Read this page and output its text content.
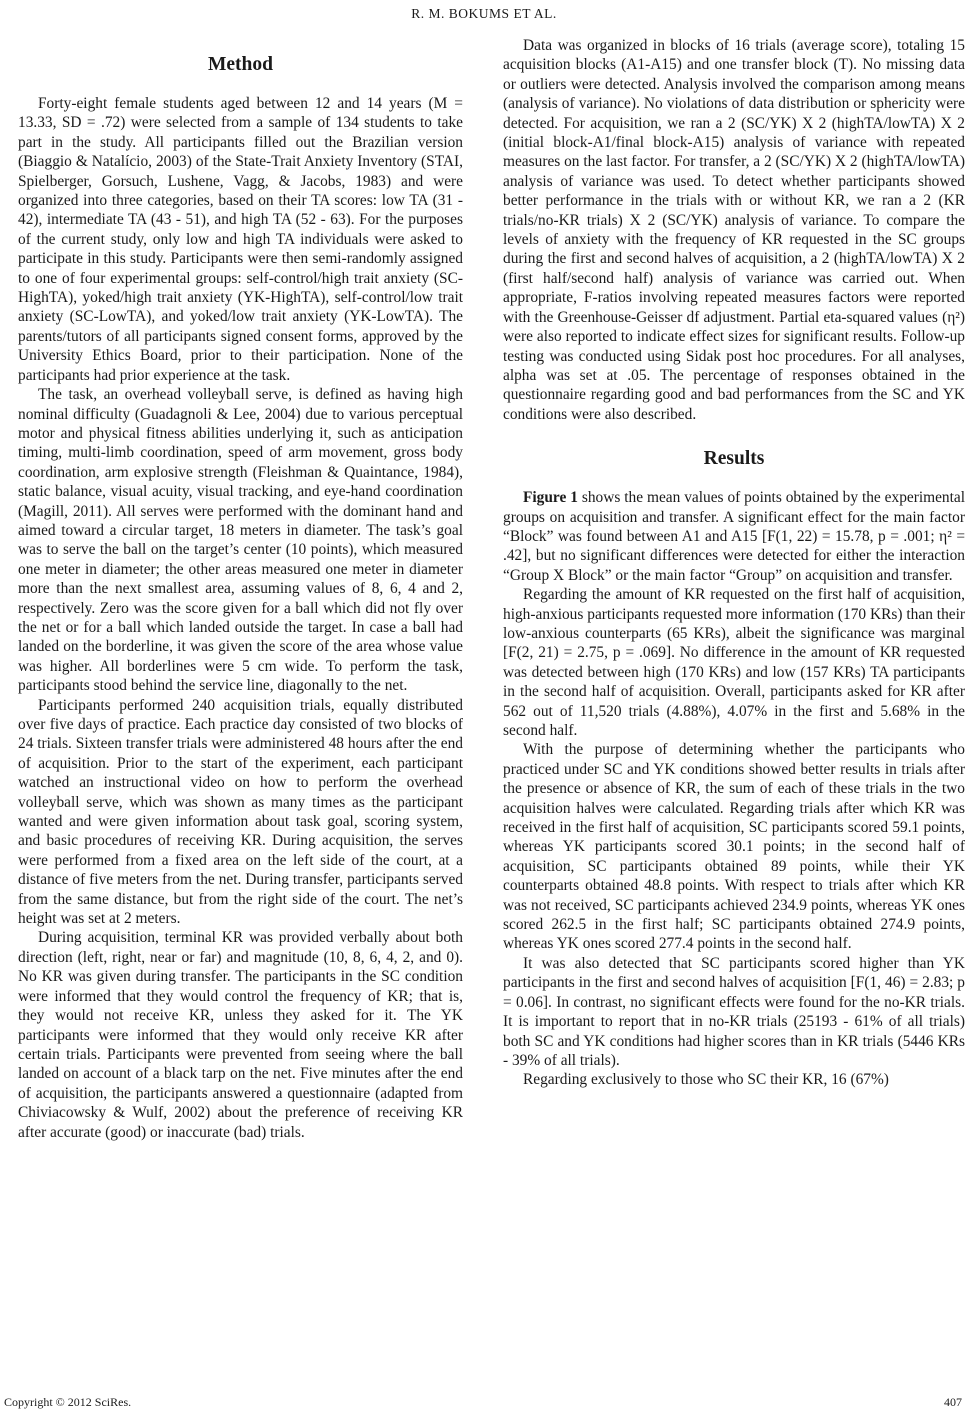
R. M. BOKUMS ET AL.
Method

Forty-eight female students aged between 12 and 14 years (M = 13.33, SD = .72) were selected from a sample of 134 students to take part in the study. All participants filled out the Brazilian version (Biaggio & Natalício, 2003) of the State-Trait Anxiety Inventory (STAI, Spielberger, Gorsuch, Lushene, Vagg, & Jacobs, 1983) and were organized into three categories, based on their TA scores: low TA (31 - 42), intermediate TA (43 - 51), and high TA (52 - 63). For the purposes of the current study, only low and high TA individuals were asked to participate in this study. Participants were then semi-randomly assigned to one of four experimental groups: self-control/high trait anxiety (SC-HighTA), yoked/high trait anxiety (YK-HighTA), self-control/low trait anxiety (SC-LowTA), and yoked/low trait anxiety (YK-LowTA). The parents/tutors of all participants signed consent forms, approved by the University Ethics Board, prior to their participation. None of the participants had prior experience at the task.

The task, an overhead volleyball serve, is defined as having high nominal difficulty (Guadagnoli & Lee, 2004) due to various perceptual motor and physical fitness abilities underlying it, such as anticipation timing, multi-limb coordination, speed of arm movement, gross body coordination, arm explosive strength (Fleishman & Quaintance, 1984), static balance, visual acuity, visual tracking, and eye-hand coordination (Magill, 2011). All serves were performed with the dominant hand and aimed toward a circular target, 18 meters in diameter. The task’s goal was to serve the ball on the target’s center (10 points), which measured one meter in diameter; the other areas measured one meter in diameter more than the next smallest area, assuming values of 8, 6, 4 and 2, respectively. Zero was the score given for a ball which did not fly over the net or for a ball which landed outside the target. In case a ball had landed on the borderline, it was given the score of the area whose value was higher. All borderlines were 5 cm wide. To perform the task, participants stood behind the service line, diagonally to the net.

Participants performed 240 acquisition trials, equally distributed over five days of practice. Each practice day consisted of two blocks of 24 trials. Sixteen transfer trials were administered 48 hours after the end of acquisition. Prior to the start of the experiment, each participant watched an instructional video on how to perform the overhead volleyball serve, which was shown as many times as the participant wanted and were given information about task goal, scoring system, and basic procedures of receiving KR. During acquisition, the serves were performed from a fixed area on the left side of the court, at a distance of five meters from the net. During transfer, participants served from the same distance, but from the right side of the court. The net’s height was set at 2 meters.

During acquisition, terminal KR was provided verbally about both direction (left, right, near or far) and magnitude (10, 8, 6, 4, 2, and 0). No KR was given during transfer. The participants in the SC condition were informed that they would control the frequency of KR; that is, they would not receive KR, unless they asked for it. The YK participants were informed that they would only receive KR after certain trials. Participants were prevented from seeing where the ball landed on account of a black tarp on the net. Five minutes after the end of acquisition, the participants answered a questionnaire (adapted from Chiviacowsky & Wulf, 2002) about the preference of receiving KR after accurate (good) or inaccurate (bad) trials.

Data was organized in blocks of 16 trials (average score), totaling 15 acquisition blocks (A1-A15) and one transfer block (T). No missing data or outliers were detected. Analysis involved the comparison among means (analysis of variance). No violations of data distribution or sphericity were detected. For acquisition, we ran a 2 (SC/YK) X 2 (highTA/lowTA) X 2 (initial block-A1/final block-A15) analysis of variance with repeated measures on the last factor. For transfer, a 2 (SC/YK) X 2 (highTA/lowTA) analysis of variance was used. To detect whether participants showed better performance in the trials with or without KR, we ran a 2 (KR trials/no-KR trials) X 2 (SC/YK) analysis of variance. To compare the levels of anxiety with the frequency of KR requested in the SC groups during the first and second halves of acquisition, a 2 (highTA/lowTA) X 2 (first half/second half) analysis of variance was carried out. When appropriate, F-ratios involving repeated measures factors were reported with the Greenhouse-Geisser df adjustment. Partial eta-squared values (η²) were also reported to indicate effect sizes for significant results. Follow-up testing was conducted using Sidak post hoc procedures. For all analyses, alpha was set at .05. The percentage of responses obtained in the questionnaire regarding good and bad performances from the SC and YK conditions were also described.

Results

Figure 1 shows the mean values of points obtained by the experimental groups on acquisition and transfer. A significant effect for the main factor “Block” was found between A1 and A15 [F(1, 22) = 15.78, p = .001; η² = .42], but no significant differences were detected for either the interaction “Group X Block” or the main factor “Group” on acquisition and transfer.

Regarding the amount of KR requested on the first half of acquisition, high-anxious participants requested more information (170 KRs) than their low-anxious counterparts (65 KRs), albeit the significance was marginal [F(2, 21) = 2.75, p = .069]. No difference in the amount of KR requested was detected between high (170 KRs) and low (157 KRs) TA participants in the second half of acquisition. Overall, participants asked for KR after 562 out of 11,520 trials (4.88%), 4.07% in the first and 5.68% in the second half.

With the purpose of determining whether the participants who practiced under SC and YK conditions showed better results in trials after the presence or absence of KR, the sum of each of these trials in the two acquisition halves were calculated. Regarding trials after which KR was received in the first half of acquisition, SC participants scored 59.1 points, whereas YK participants scored 30.1 points; in the second half of acquisition, SC participants obtained 89 points, while their YK counterparts obtained 48.8 points. With respect to trials after which KR was not received, SC participants achieved 234.9 points, whereas YK ones scored 262.5 in the first half; SC participants obtained 274.9 points, whereas YK ones scored 277.4 points in the second half.

It was also detected that SC participants scored higher than YK participants in the first and second halves of acquisition [F(1, 46) = 2.83; p = 0.06]. In contrast, no significant effects were found for the no-KR trials. It is important to report that in no-KR trials (25193 - 61% of all trials) both SC and YK conditions had higher scores than in KR trials (5446 KRs - 39% of all trials).

Regarding exclusively to those who SC their KR, 16 (67%)

Copyright © 2012 SciRes.	407
